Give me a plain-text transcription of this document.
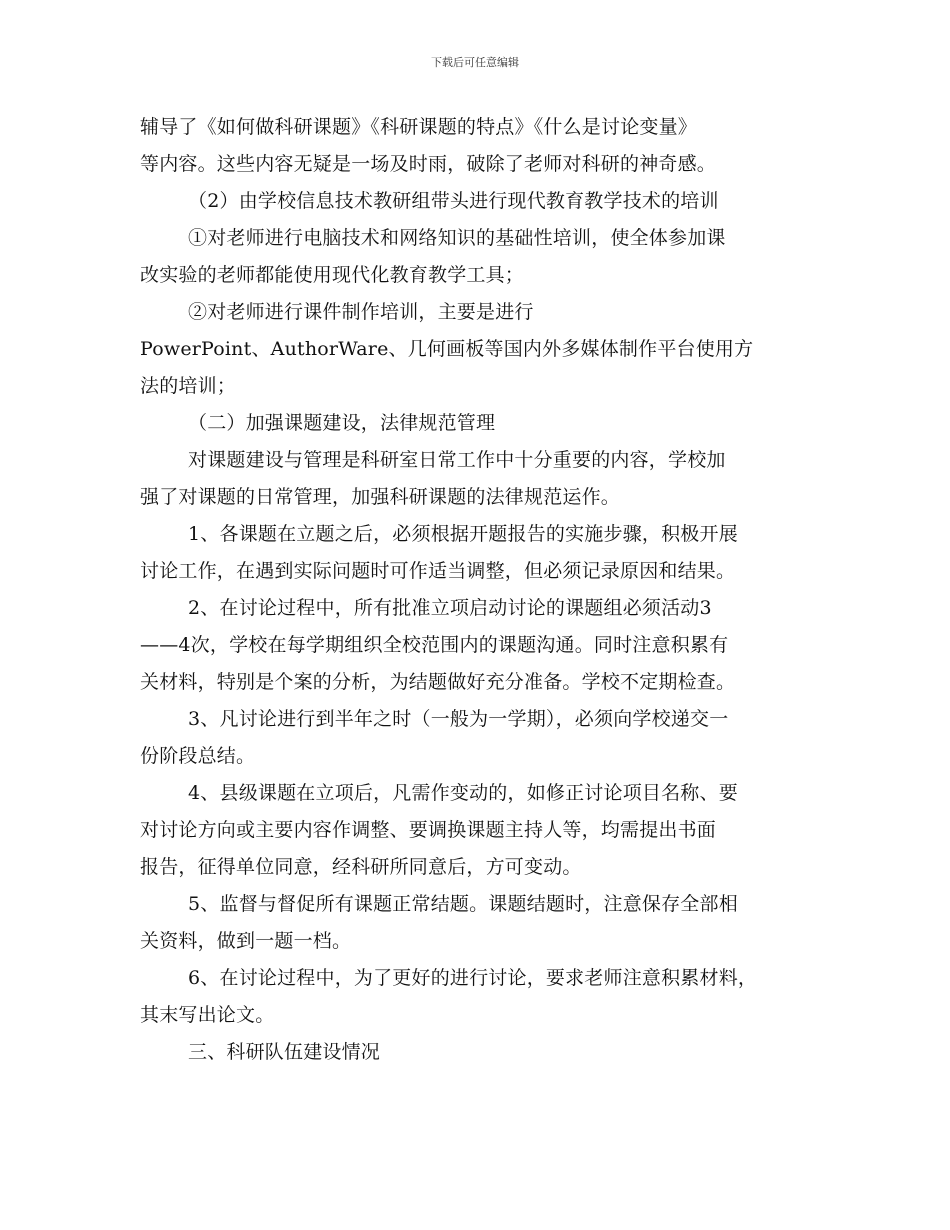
下载后可任意编辑
辅导了《如何做科研课题》《科研课题的特点》《什么是讨论变量》
等内容。这些内容无疑是一场及时雨，破除了老师对科研的神奇感。
（2）由学校信息技术教研组带头进行现代教育教学技术的培训
①对老师进行电脑技术和网络知识的基础性培训，使全体参加课
改实验的老师都能使用现代化教育教学工具；
②对老师进行课件制作培训，主要是进行
PowerPoint、AuthorWare、几何画板等国内外多媒体制作平台使用方
法的培训；
（二）加强课题建设，法律规范管理
对课题建设与管理是科研室日常工作中十分重要的内容，学校加
强了对课题的日常管理，加强科研课题的法律规范运作。
1、各课题在立题之后，必须根据开题报告的实施步骤，积极开展
讨论工作，在遇到实际问题时可作适当调整，但必须记录原因和结果。
2、在讨论过程中，所有批准立项启动讨论的课题组必须活动3
——4次，学校在每学期组织全校范围内的课题沟通。同时注意积累有
关材料，特别是个案的分析，为结题做好充分准备。学校不定期检查。
3、凡讨论进行到半年之时（一般为一学期），必须向学校递交一
份阶段总结。
4、县级课题在立项后，凡需作变动的，如修正讨论项目名称、要
对讨论方向或主要内容作调整、要调换课题主持人等，均需提出书面
报告，征得单位同意，经科研所同意后，方可变动。
5、监督与督促所有课题正常结题。课题结题时，注意保存全部相
关资料，做到一题一档。
6、在讨论过程中，为了更好的进行讨论，要求老师注意积累材料，
其末写出论文。
三、科研队伍建设情况
